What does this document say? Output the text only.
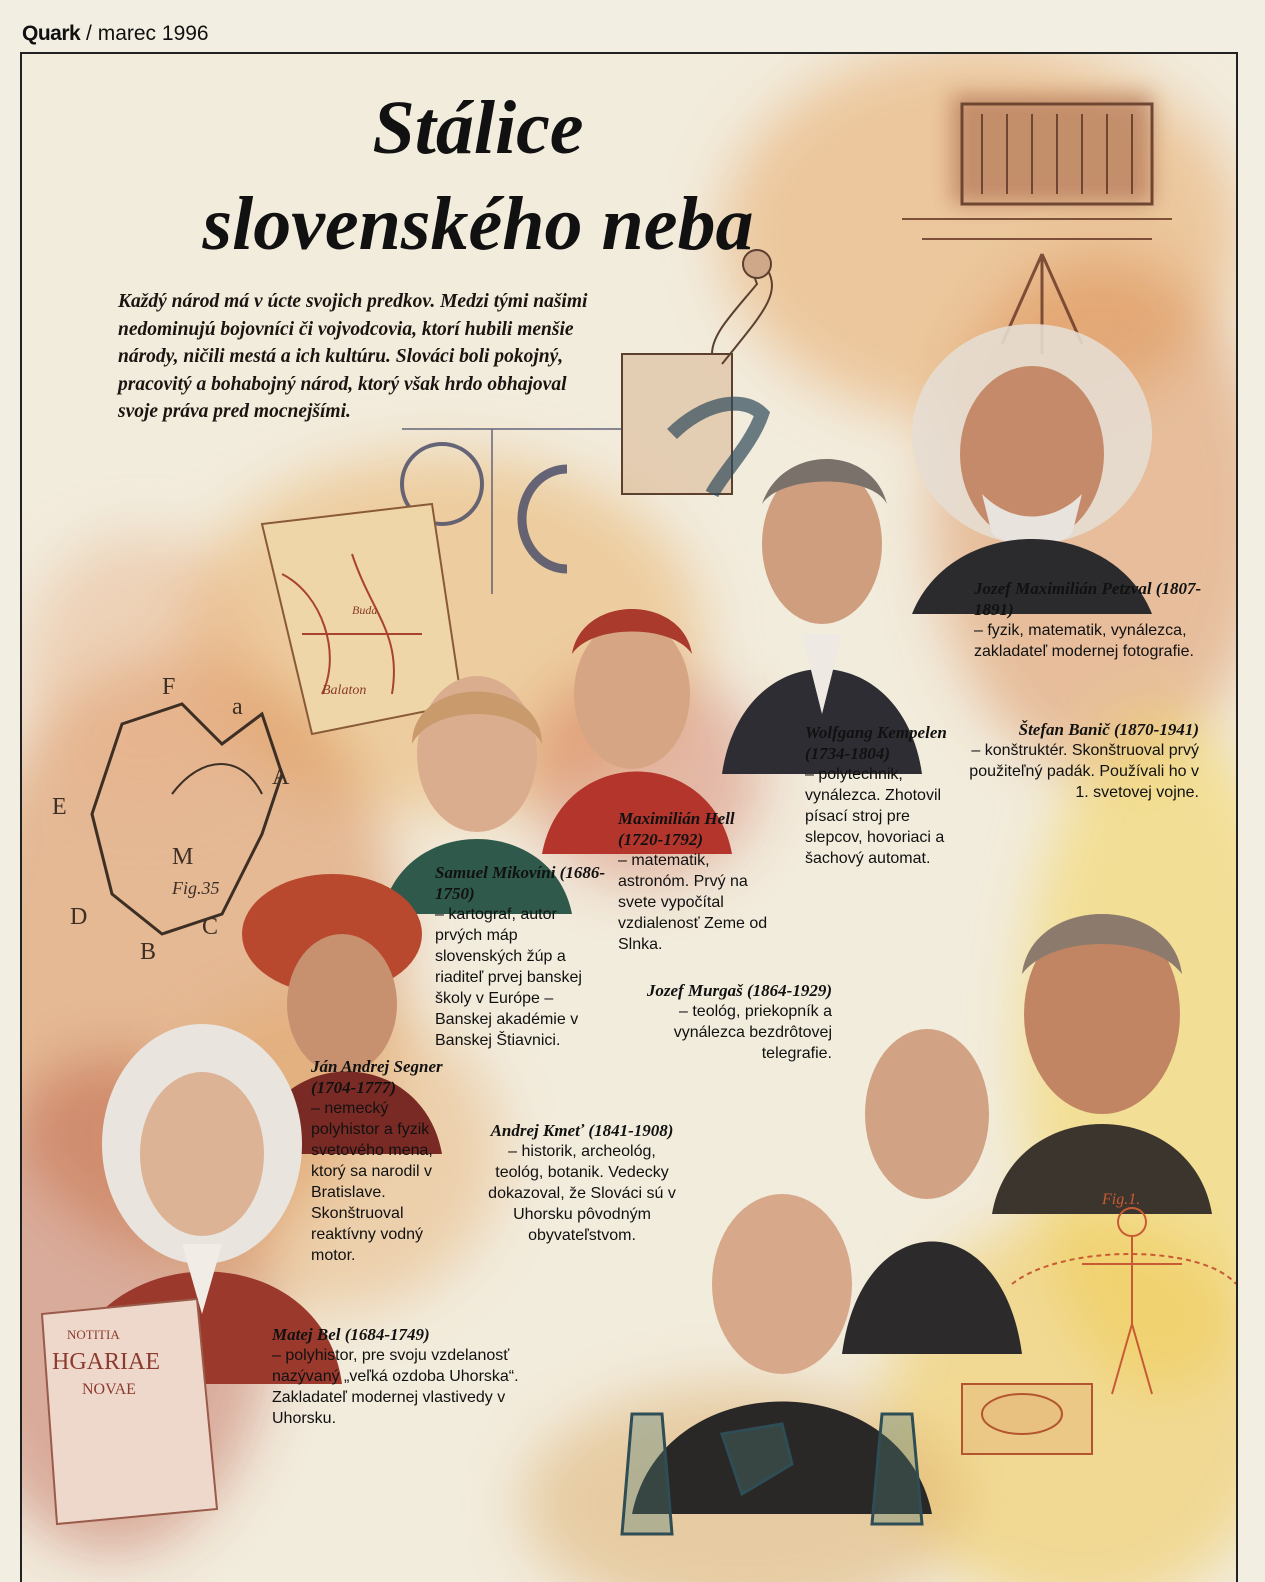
Quark / marec 1996
Balaton
Buda
F
a
A
E
M
D	C
B
Fig.35
Fig.1.
NOTITIA
HGARIAE
NOVAE
Stálice
slovenského neba

Každý národ má v úcte svojich predkov. Medzi tými našimi nedominujú bojovníci či vojvodcovia, ktorí hubili menšie národy, ničili mestá a ich kultúru. Slováci boli pokojný, pracovitý a bohabojný národ, ktorý však hrdo obhajoval svoje práva pred mocnejšími.

Jozef Maximilián Petzval (1807-1891)
– fyzik, matematik, vynálezca, zakladateľ modernej fotografie.
Štefan Banič (1870-1941)
– konštruktér. Skonštruoval prvý použiteľný padák. Používali ho v 1. svetovej vojne.
Wolfgang Kempelen (1734-1804)
– polytechnik, vynálezca. Zhotovil písací stroj pre slepcov, hovoriaci a šachový automat.
Maximilián Hell (1720-1792)
– matematik, astronóm. Prvý na svete vypočítal vzdialenosť Zeme od Slnka.
Samuel Mikovíni (1686-1750)
– kartograf, autor prvých máp slovenských žúp a riaditeľ prvej banskej školy v Európe – Banskej akadémie v Banskej Štiavnici.
Jozef Murgaš (1864-1929)
– teológ, priekopník a vynálezca bezdrôtovej telegrafie.
Ján Andrej Segner (1704-1777)
– nemecký polyhistor a fyzik svetového mena, ktorý sa narodil v Bratislave. Skonštruoval reaktívny vodný motor.
Andrej Kmeť (1841-1908)
– historik, archeológ, teológ, botanik. Vedecky dokazoval, že Slováci sú v Uhorsku pôvodným obyvateľstvom.
Matej Bel (1684-1749)
– polyhistor, pre svoju vzdelanosť nazývaný „veľká ozdoba Uhorska“. Zakladateľ modernej vlastivedy v Uhorsku.
